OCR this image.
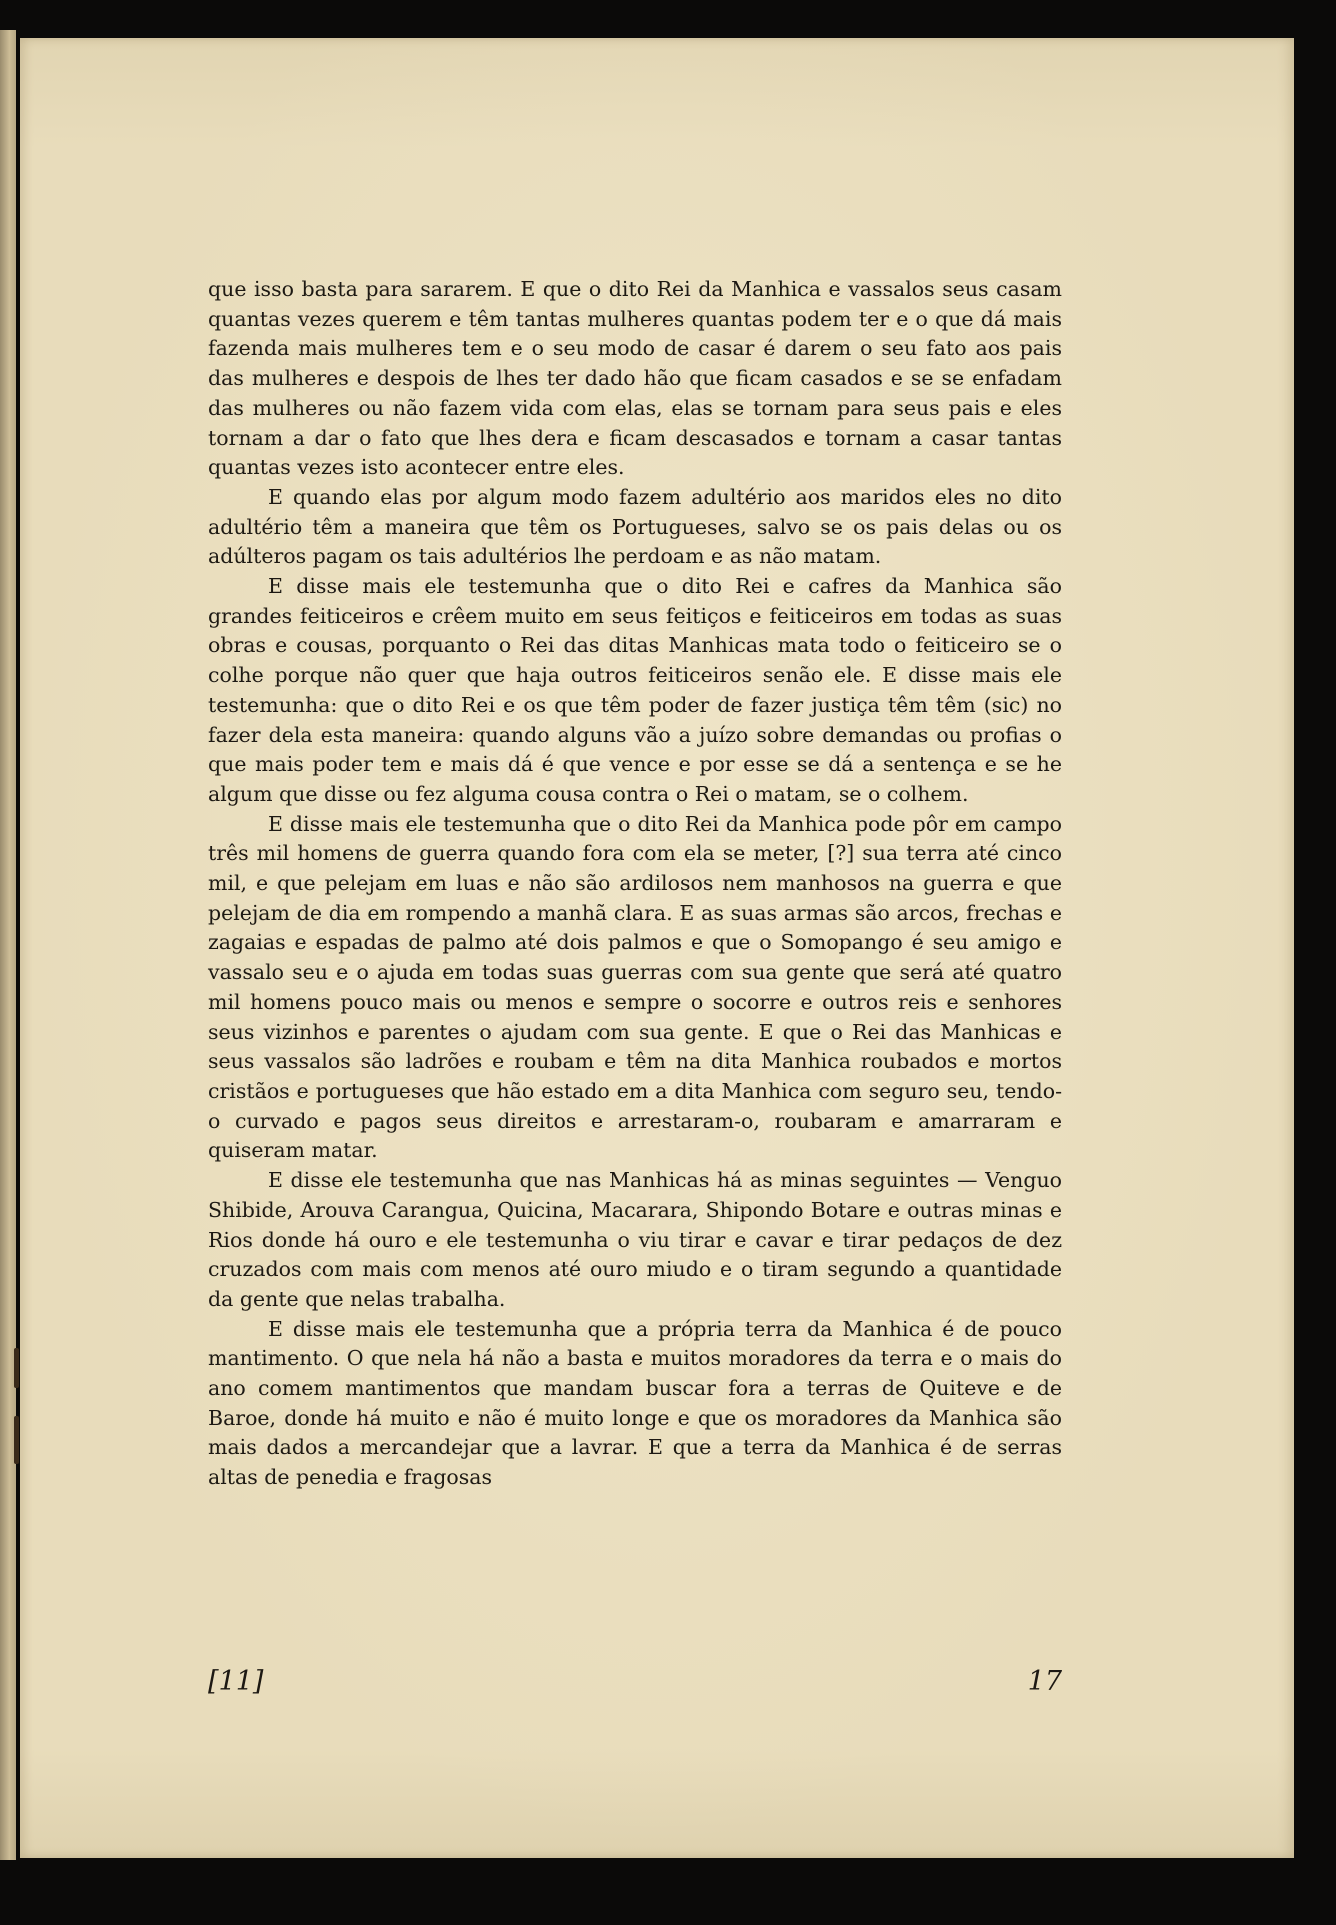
que isso basta para sararem. E que o dito Rei da Manhica e vassalos seus casam quantas vezes querem e têm tantas mulheres quantas podem ter e o que dá mais fazenda mais mulheres tem e o seu modo de casar é darem o seu fato aos pais das mulheres e despois de lhes ter dado hão que ficam casados e se se enfadam das mulheres ou não fazem vida com elas, elas se tornam para seus pais e eles tornam a dar o fato que lhes dera e ficam descasados e tornam a casar tantas quantas vezes isto acontecer entre eles.

E quando elas por algum modo fazem adultério aos maridos eles no dito adultério têm a maneira que têm os Portugueses, salvo se os pais delas ou os adúlteros pagam os tais adultérios lhe perdoam e as não matam.

E disse mais ele testemunha que o dito Rei e cafres da Manhica são grandes feiticeiros e crêem muito em seus feitiços e feiticeiros em todas as suas obras e cousas, porquanto o Rei das ditas Manhicas mata todo o feiticeiro se o colhe porque não quer que haja outros feiticeiros senão ele. E disse mais ele testemunha: que o dito Rei e os que têm poder de fazer justiça têm têm (sic) no fazer dela esta maneira: quando alguns vão a juízo sobre demandas ou profias o que mais poder tem e mais dá é que vence e por esse se dá a sentença e se he algum que disse ou fez alguma cousa contra o Rei o matam, se o colhem.

E disse mais ele testemunha que o dito Rei da Manhica pode pôr em campo três mil homens de guerra quando fora com ela se meter, [?] sua terra até cinco mil, e que pelejam em luas e não são ardilosos nem manhosos na guerra e que pelejam de dia em rompendo a manhã clara. E as suas armas são arcos, frechas e zagaias e espadas de palmo até dois palmos e que o Somopango é seu amigo e vassalo seu e o ajuda em todas suas guerras com sua gente que será até quatro mil homens pouco mais ou menos e sempre o socorre e outros reis e senhores seus vizinhos e parentes o ajudam com sua gente. E que o Rei das Manhicas e seus vassalos são ladrões e roubam e têm na dita Manhica roubados e mortos cristãos e portugueses que hão estado em a dita Manhica com seguro seu, tendo-o curvado e pagos seus direitos e arrestaram-o, roubaram e amarraram e quiseram matar.

E disse ele testemunha que nas Manhicas há as minas seguintes — Venguo Shibide, Arouva Carangua, Quicina, Macarara, Shipondo Botare e outras minas e Rios donde há ouro e ele testemunha o viu tirar e cavar e tirar pedaços de dez cruzados com mais com menos até ouro miudo e o tiram segundo a quantidade da gente que nelas trabalha.

E disse mais ele testemunha que a própria terra da Manhica é de pouco mantimento. O que nela há não a basta e muitos moradores da terra e o mais do ano comem mantimentos que mandam buscar fora a terras de Quiteve e de Baroe, donde há muito e não é muito longe e que os moradores da Manhica são mais dados a mercandejar que a lavrar. E que a terra da Manhica é de serras altas de penedia e fragosas

[11]	17
